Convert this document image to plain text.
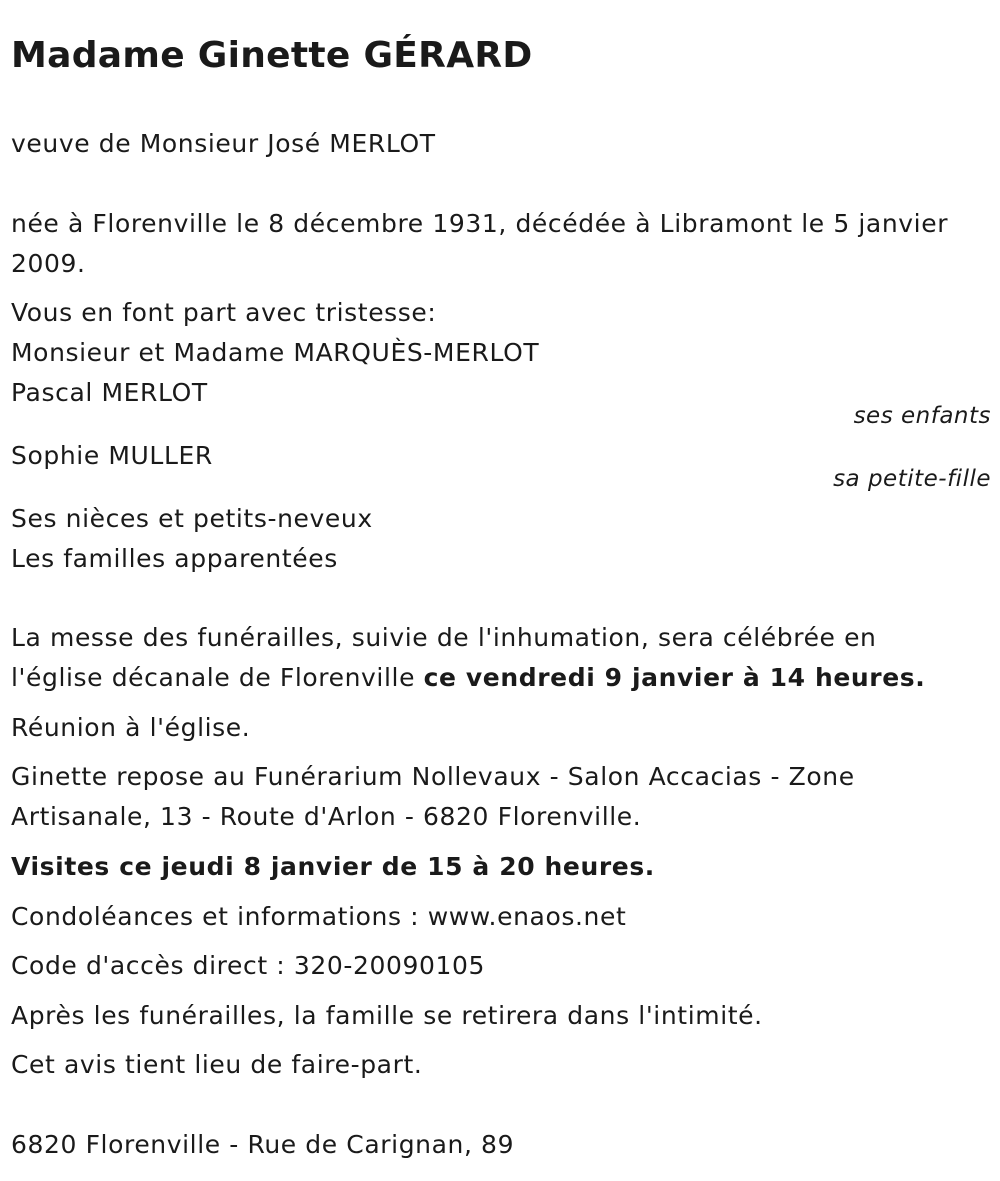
Madame Ginette GÉRARD
veuve de Monsieur José MERLOT
née à Florenville le 8 décembre 1931, décédée à Libramont le 5 janvier 2009.
Vous en font part avec tristesse:
Monsieur et Madame MARQUÈS-MERLOT
Pascal MERLOT
ses enfants
Sophie MULLER
sa petite-fille
Ses nièces et petits-neveux
Les familles apparentées
La messe des funérailles, suivie de l'inhumation, sera célébrée en l'église décanale de Florenville ce vendredi 9 janvier à 14 heures.
Réunion à l'église.
Ginette repose au Funérarium Nollevaux - Salon Accacias - Zone Artisanale, 13 - Route d'Arlon - 6820 Florenville.
Visites ce jeudi 8 janvier de 15 à 20 heures.
Condoléances et informations : www.enaos.net
Code d'accès direct : 320-20090105
Après les funérailles, la famille se retirera dans l'intimité.
Cet avis tient lieu de faire-part.
6820 Florenville - Rue de Carignan, 89
